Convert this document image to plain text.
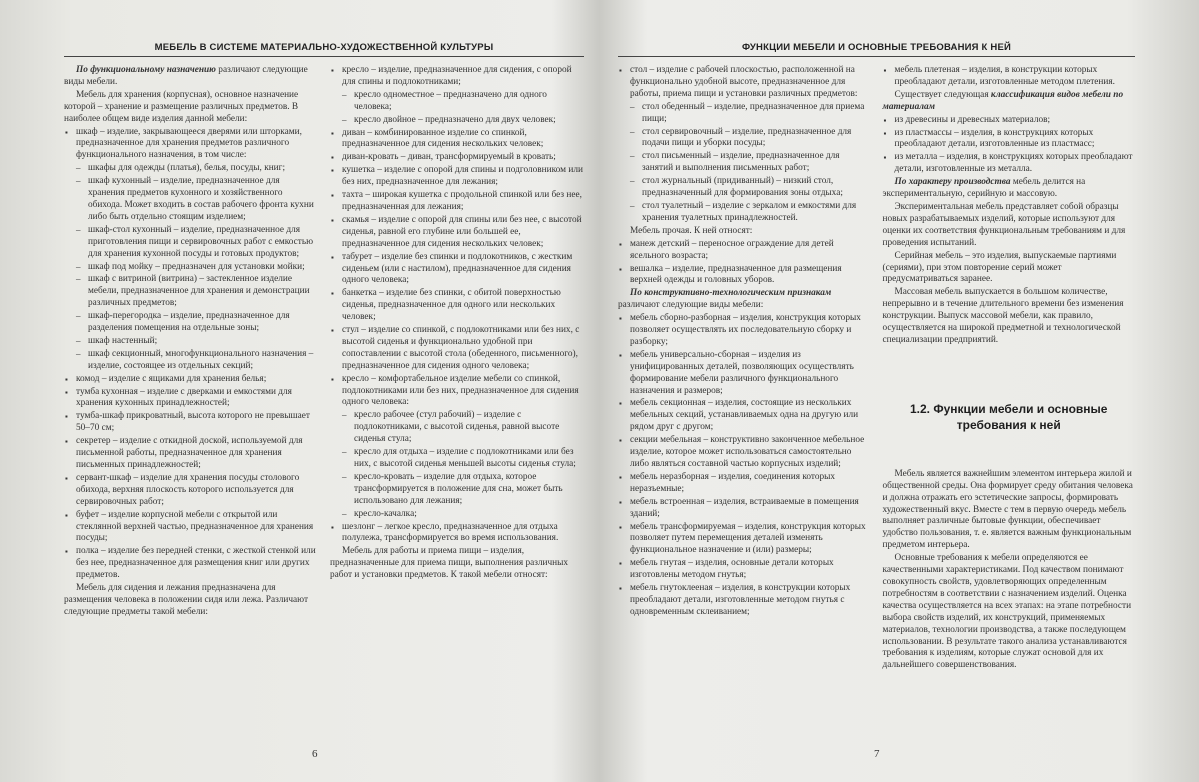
МЕБЕЛЬ В СИСТЕМЕ МАТЕРИАЛЬНО-ХУДОЖЕСТВЕННОЙ КУЛЬТУРЫ

По функциональному назначению различают следующие виды мебели.

Мебель для хранения (корпусная), основное назначение которой – хранение и размещение различных предметов. В наиболее общем виде изделия данной мебели:

▪ шкаф – изделие, закрывающееся дверями или шторками, предназначенное для хранения предметов различного функционального назначения, в том числе:
– шкафы для одежды (платья), белья, посуды, книг;
– шкаф кухонный – изделие, предназначенное для хранения предметов кухонного и хозяйственного обихода. Может входить в состав рабочего фронта кухни либо быть отдельно стоящим изделием;
– шкаф-стол кухонный – изделие, предназначенное для приготовления пищи и сервировочных работ с емкостью для хранения кухонной посуды и готовых продуктов;
– шкаф под мойку – предназначен для установки мойки;
– шкаф с витриной (витрина) – застекленное изделие мебели, предназначенное для хранения и демонстрации различных предметов;
– шкаф-перегородка – изделие, предназначенное для разделения помещения на отдельные зоны;
– шкаф настенный;
– шкаф секционный, многофункционального назначения – изделие, состоящее из отдельных секций;
▪ комод – изделие с ящиками для хранения белья;
▪ тумба кухонная – изделие с дверками и емкостями для хранения кухонных принадлежностей;
▪ тумба-шкаф прикроватный, высота которого не превышает 50–70 см;
▪ секретер – изделие с откидной доской, используемой для письменной работы, предназначенное для хранения письменных принадлежностей;
▪ сервант-шкаф – изделие для хранения посуды столового обихода, верхняя плоскость которого используется для сервировочных работ;
▪ буфет – изделие корпусной мебели с открытой или стеклянной верхней частью, предназначенное для хранения посуды;
▪ полка – изделие без передней стенки, с жесткой стенкой или без нее, предназначенное для размещения книг или других предметов.

Мебель для сидения и лежания предназначена для размещения человека в положении сидя или лежа. Различают следующие предметы такой мебели:

▪ кресло – изделие, предназначенное для сидения, с опорой для спины и подлокотниками;
– кресло одноместное – предназначено для одного человека;
– кресло двойное – предназначено для двух человек;
▪ диван – комбинированное изделие со спинкой, предназначенное для сидения нескольких человек;
▪ диван-кровать – диван, трансформируемый в кровать;
▪ кушетка – изделие с опорой для спины и подголовником или без них, предназначенное для лежания;
▪ тахта – широкая кушетка с продольной спинкой или без нее, предназначенная для лежания;
▪ скамья – изделие с опорой для спины или без нее, с высотой сиденья, равной его глубине или большей ее, предназначенное для сидения нескольких человек;
▪ табурет – изделие без спинки и подлокотников, с жестким сиденьем (или с настилом), предназначенное для сидения одного человека;
▪ банкетка – изделие без спинки, с обитой поверхностью сиденья, предназначенное для одного или нескольких человек;
▪ стул – изделие со спинкой, с подлокотниками или без них, с высотой сиденья и функционально удобной при сопоставлении с высотой стола (обеденного, письменного), предназначенное для сидения одного человека;
▪ кресло – комфортабельное изделие мебели со спинкой, подлокотниками или без них, предназначенное для сидения одного человека:
– кресло рабочее (стул рабочий) – изделие с подлокотниками, с высотой сиденья, равной высоте сиденья стула;
– кресло для отдыха – изделие с подлокотниками или без них, с высотой сиденья меньшей высоты сиденья стула;
– кресло-кровать – изделие для отдыха, которое трансформируется в положение для сна, может быть использовано для лежания;
– кресло-качалка;
▪ шезлонг – легкое кресло, предназначенное для отдыха полулежа, трансформируется во время использования.

Мебель для работы и приема пищи – изделия, предназначенные для приема пищи, выполнения различных работ и установки предметов. К такой мебели относят:

6
ФУНКЦИИ МЕБЕЛИ И ОСНОВНЫЕ ТРЕБОВАНИЯ К НЕЙ
▪ стол – изделие с рабочей плоскостью, расположенной на функционально удобной высоте, предназначенное для работы, приема пищи и установки различных предметов:
– стол обеденный – изделие, предназначенное для приема пищи;
– стол сервировочный – изделие, предназначенное для подачи пищи и уборки посуды;
– стол письменный – изделие, предназначенное для занятий и выполнения письменных работ;
– стол журнальный (придиванный) – низкий стол, предназначенный для формирования зоны отдыха;
– стол туалетный – изделие с зеркалом и емкостями для хранения туалетных принадлежностей.

Мебель прочая. К ней относят:

▪ манеж детский – переносное ограждение для детей ясельного возраста;
▪ вешалка – изделие, предназначенное для размещения верхней одежды и головных уборов.

По конструктивно-технологическим признакам различают следующие виды мебели:

▪ мебель сборно-разборная – изделия, конструкция которых позволяет осуществлять их последовательную сборку и разборку;
▪ мебель универсально-сборная – изделия из унифицированных деталей, позволяющих осуществлять формирование мебели различного функционального назначения и размеров;
▪ мебель секционная – изделия, состоящие из нескольких мебельных секций, устанавливаемых одна на другую или рядом друг с другом;
▪ секции мебельная – конструктивно законченное мебельное изделие, которое может использоваться самостоятельно либо являться составной частью корпусных изделий;
▪ мебель неразборная – изделия, соединения которых неразъемные;
▪ мебель встроенная – изделия, встраиваемые в помещения зданий;
▪ мебель трансформируемая – изделия, конструкция которых позволяет путем перемещения деталей изменять функциональное назначение и (или) размеры;
▪ мебель гнутая – изделия, основные детали которых изготовлены методом гнутья;
▪ мебель гнутоклееная – изделия, в конструкции которых преобладают детали, изготовленные методом гнутья с одновременным склеиванием;
▪ мебель плетеная – изделия, в конструкции которых преобладают детали, изготовленные методом плетения.

Существует следующая классификация видов мебели по материалам

▪ из древесины и древесных материалов;
▪ из пластмассы – изделия, в конструкциях которых преобладают детали, изготовленные из пластмасс;
▪ из металла – изделия, в конструкциях которых преобладают детали, изготовленные из металла.

По характеру производства мебель делится на экспериментальную, серийную и массовую.

Экспериментальная мебель представляет собой образцы новых разрабатываемых изделий, которые используют для оценки их соответствия функциональным требованиям и для проведения испытаний.

Серийная мебель – это изделия, выпускаемые партиями (сериями), при этом повторение серий может предусматриваться заранее.

Массовая мебель выпускается в большом количестве, непрерывно и в течение длительного времени без изменения конструкции. Выпуск массовой мебели, как правило, осуществляется на широкой предметной и технологической специализации предприятий.

1.2. Функции мебели и основные требования к ней

Мебель является важнейшим элементом интерьера жилой и общественной среды. Она формирует среду обитания человека и должна отражать его эстетические запросы, формировать художественный вкус. Вместе с тем в первую очередь мебель выполняет различные бытовые функции, обеспечивает удобство пользования, т. е. является важным функциональным предметом интерьера.

Основные требования к мебели определяются ее качественными характеристиками. Под качеством понимают совокупность свойств, удовлетворяющих определенным потребностям в соответствии с назначением изделий. Оценка качества осуществляется на всех этапах: на этапе потребности выбора свойств изделий, их конструкций, применяемых материалов, технологии производства, а также последующем использовании. В результате такого анализа устанавливаются требования к изделиям, которые служат основой для их дальнейшего совершенствования.

7
